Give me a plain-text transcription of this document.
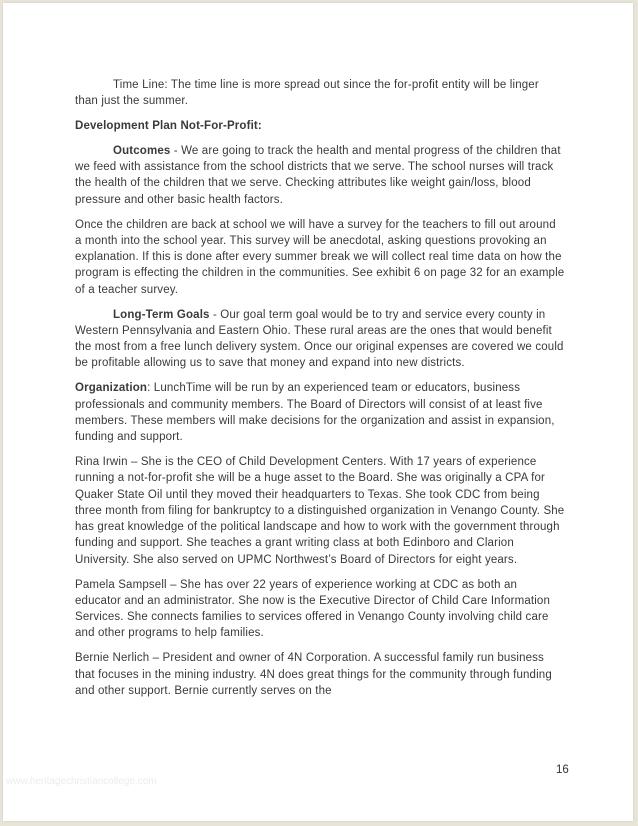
Time Line: The time line is more spread out since the for-profit entity will be linger than just the summer.

Development Plan Not-For-Profit:

Outcomes - We are going to track the health and mental progress of the children that we feed with assistance from the school districts that we serve. The school nurses will track the health of the children that we serve. Checking attributes like weight gain/loss, blood pressure and other basic health factors.

Once the children are back at school we will have a survey for the teachers to fill out around a month into the school year. This survey will be anecdotal, asking questions provoking an explanation. If this is done after every summer break we will collect real time data on how the program is effecting the children in the communities. See exhibit 6 on page 32 for an example of a teacher survey.

Long-Term Goals - Our goal term goal would be to try and service every county in Western Pennsylvania and Eastern Ohio. These rural areas are the ones that would benefit the most from a free lunch delivery system. Once our original expenses are covered we could be profitable allowing us to save that money and expand into new districts.

Organization: LunchTime will be run by an experienced team or educators, business professionals and community members. The Board of Directors will consist of at least five members. These members will make decisions for the organization and assist in expansion, funding and support.

Rina Irwin – She is the CEO of Child Development Centers. With 17 years of experience running a not-for-profit she will be a huge asset to the Board. She was originally a CPA for Quaker State Oil until they moved their headquarters to Texas. She took CDC from being three month from filing for bankruptcy to a distinguished organization in Venango County. She has great knowledge of the political landscape and how to work with the government through funding and support. She teaches a grant writing class at both Edinboro and Clarion University. She also served on UPMC Northwest’s Board of Directors for eight years.

Pamela Sampsell – She has over 22 years of experience working at CDC as both an educator and an administrator. She now is the Executive Director of Child Care Information Services. She connects families to services offered in Venango County involving child care and other programs to help families.

Bernie Nerlich – President and owner of 4N Corporation. A successful family run business that focuses in the mining industry. 4N does great things for the community through funding and other support. Bernie currently serves on the

16
www.heritagechristiancollege.com
